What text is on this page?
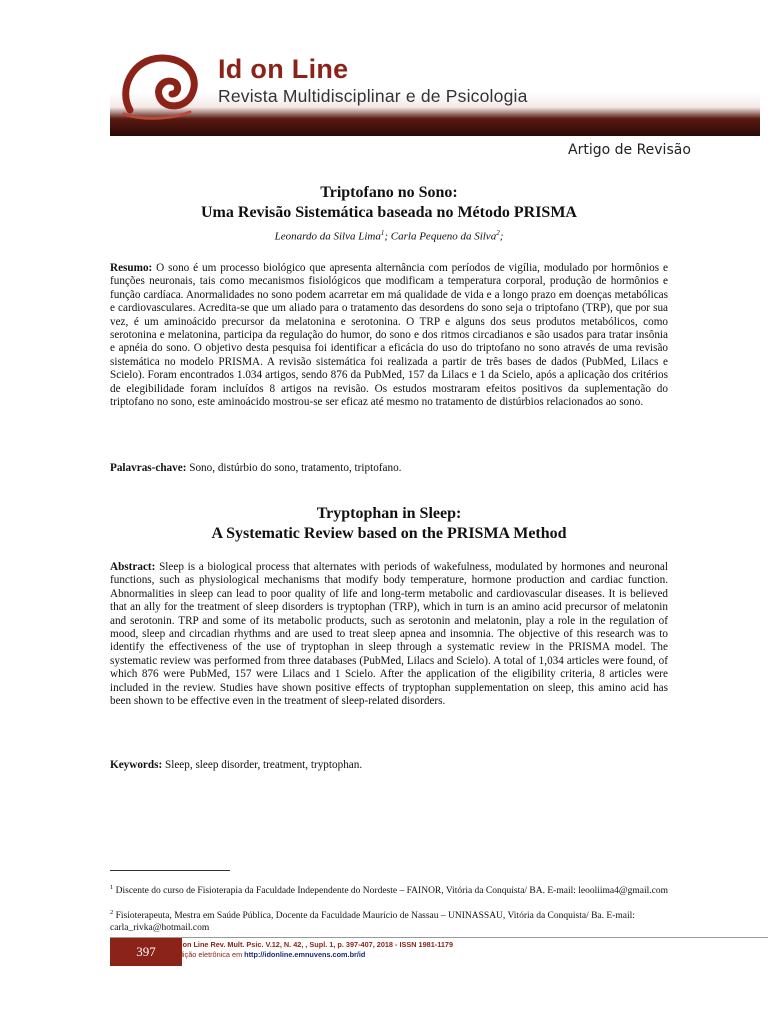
Id on Line
Revista Multidisciplinar e de Psicologia
Artigo de Revisão
Triptofano no Sono:
Uma Revisão Sistemática baseada no Método PRISMA
Leonardo da Silva Lima$^1$; Carla Pequeno da Silva$^2$;
Resumo: O sono é um processo biológico que apresenta alternância com períodos de vigília, modulado por hormônios e funções neuronais, tais como mecanismos fisiológicos que modificam a temperatura corporal, produção de hormônios e função cardíaca. Anormalidades no sono podem acarretar em má qualidade de vida e a longo prazo em doenças metabólicas e cardiovasculares. Acredita-se que um aliado para o tratamento das desordens do sono seja o triptofano (TRP), que por sua vez, é um aminoácido precursor da melatonina e serotonina. O TRP e alguns dos seus produtos metabólicos, como serotonina e melatonina, participa da regulação do humor, do sono e dos ritmos circadianos e são usados para tratar insônia e apnéia do sono. O objetivo desta pesquisa foi identificar a eficácia do uso do triptofano no sono através de uma revisão sistemática no modelo PRISMA. A revisão sistemática foi realizada a partir de três bases de dados (PubMed, Lilacs e Scielo). Foram encontrados 1.034 artigos, sendo 876 da PubMed, 157 da Lilacs e 1 da Scielo, após a aplicação dos critérios de elegibilidade foram incluídos 8 artigos na revisão. Os estudos mostraram efeitos positivos da suplementação do triptofano no sono, este aminoácido mostrou-se ser eficaz até mesmo no tratamento de distúrbios relacionados ao sono.
Palavras-chave: Sono, distúrbio do sono, tratamento, triptofano.
Tryptophan in Sleep:
A Systematic Review based on the PRISMA Method
Abstract: Sleep is a biological process that alternates with periods of wakefulness, modulated by hormones and neuronal functions, such as physiological mechanisms that modify body temperature, hormone production and cardiac function. Abnormalities in sleep can lead to poor quality of life and long-term metabolic and cardiovascular diseases. It is believed that an ally for the treatment of sleep disorders is tryptophan (TRP), which in turn is an amino acid precursor of melatonin and serotonin. TRP and some of its metabolic products, such as serotonin and melatonin, play a role in the regulation of mood, sleep and circadian rhythms and are used to treat sleep apnea and insomnia. The objective of this research was to identify the effectiveness of the use of tryptophan in sleep through a systematic review in the PRISMA model. The systematic review was performed from three databases (PubMed, Lilacs and Scielo). A total of 1,034 articles were found, of which 876 were PubMed, 157 were Lilacs and 1 Scielo. After the application of the eligibility criteria, 8 articles were included in the review. Studies have shown positive effects of tryptophan supplementation on sleep, this amino acid has been shown to be effective even in the treatment of sleep-related disorders.
Keywords: Sleep, sleep disorder, treatment, tryptophan.
$^1$ Discente do curso de Fisioterapia da Faculdade Independente do Nordeste – FAINOR, Vitória da Conquista/ BA. E-mail: leooliima4@gmail.com
$^2$ Fisioterapeuta, Mestra em Saúde Pública, Docente da Faculdade Maurício de Nassau – UNINASSAU, Vitória da Conquista/ Ba. E-mail: carla_rivka@hotmail.com
397	Id on Line Rev. Mult. Psic. V.12, N. 42, , Supl. 1, p. 397-407, 2018 - ISSN 1981-1179
Edição eletrônica em http://idonline.emnuvens.com.br/id
